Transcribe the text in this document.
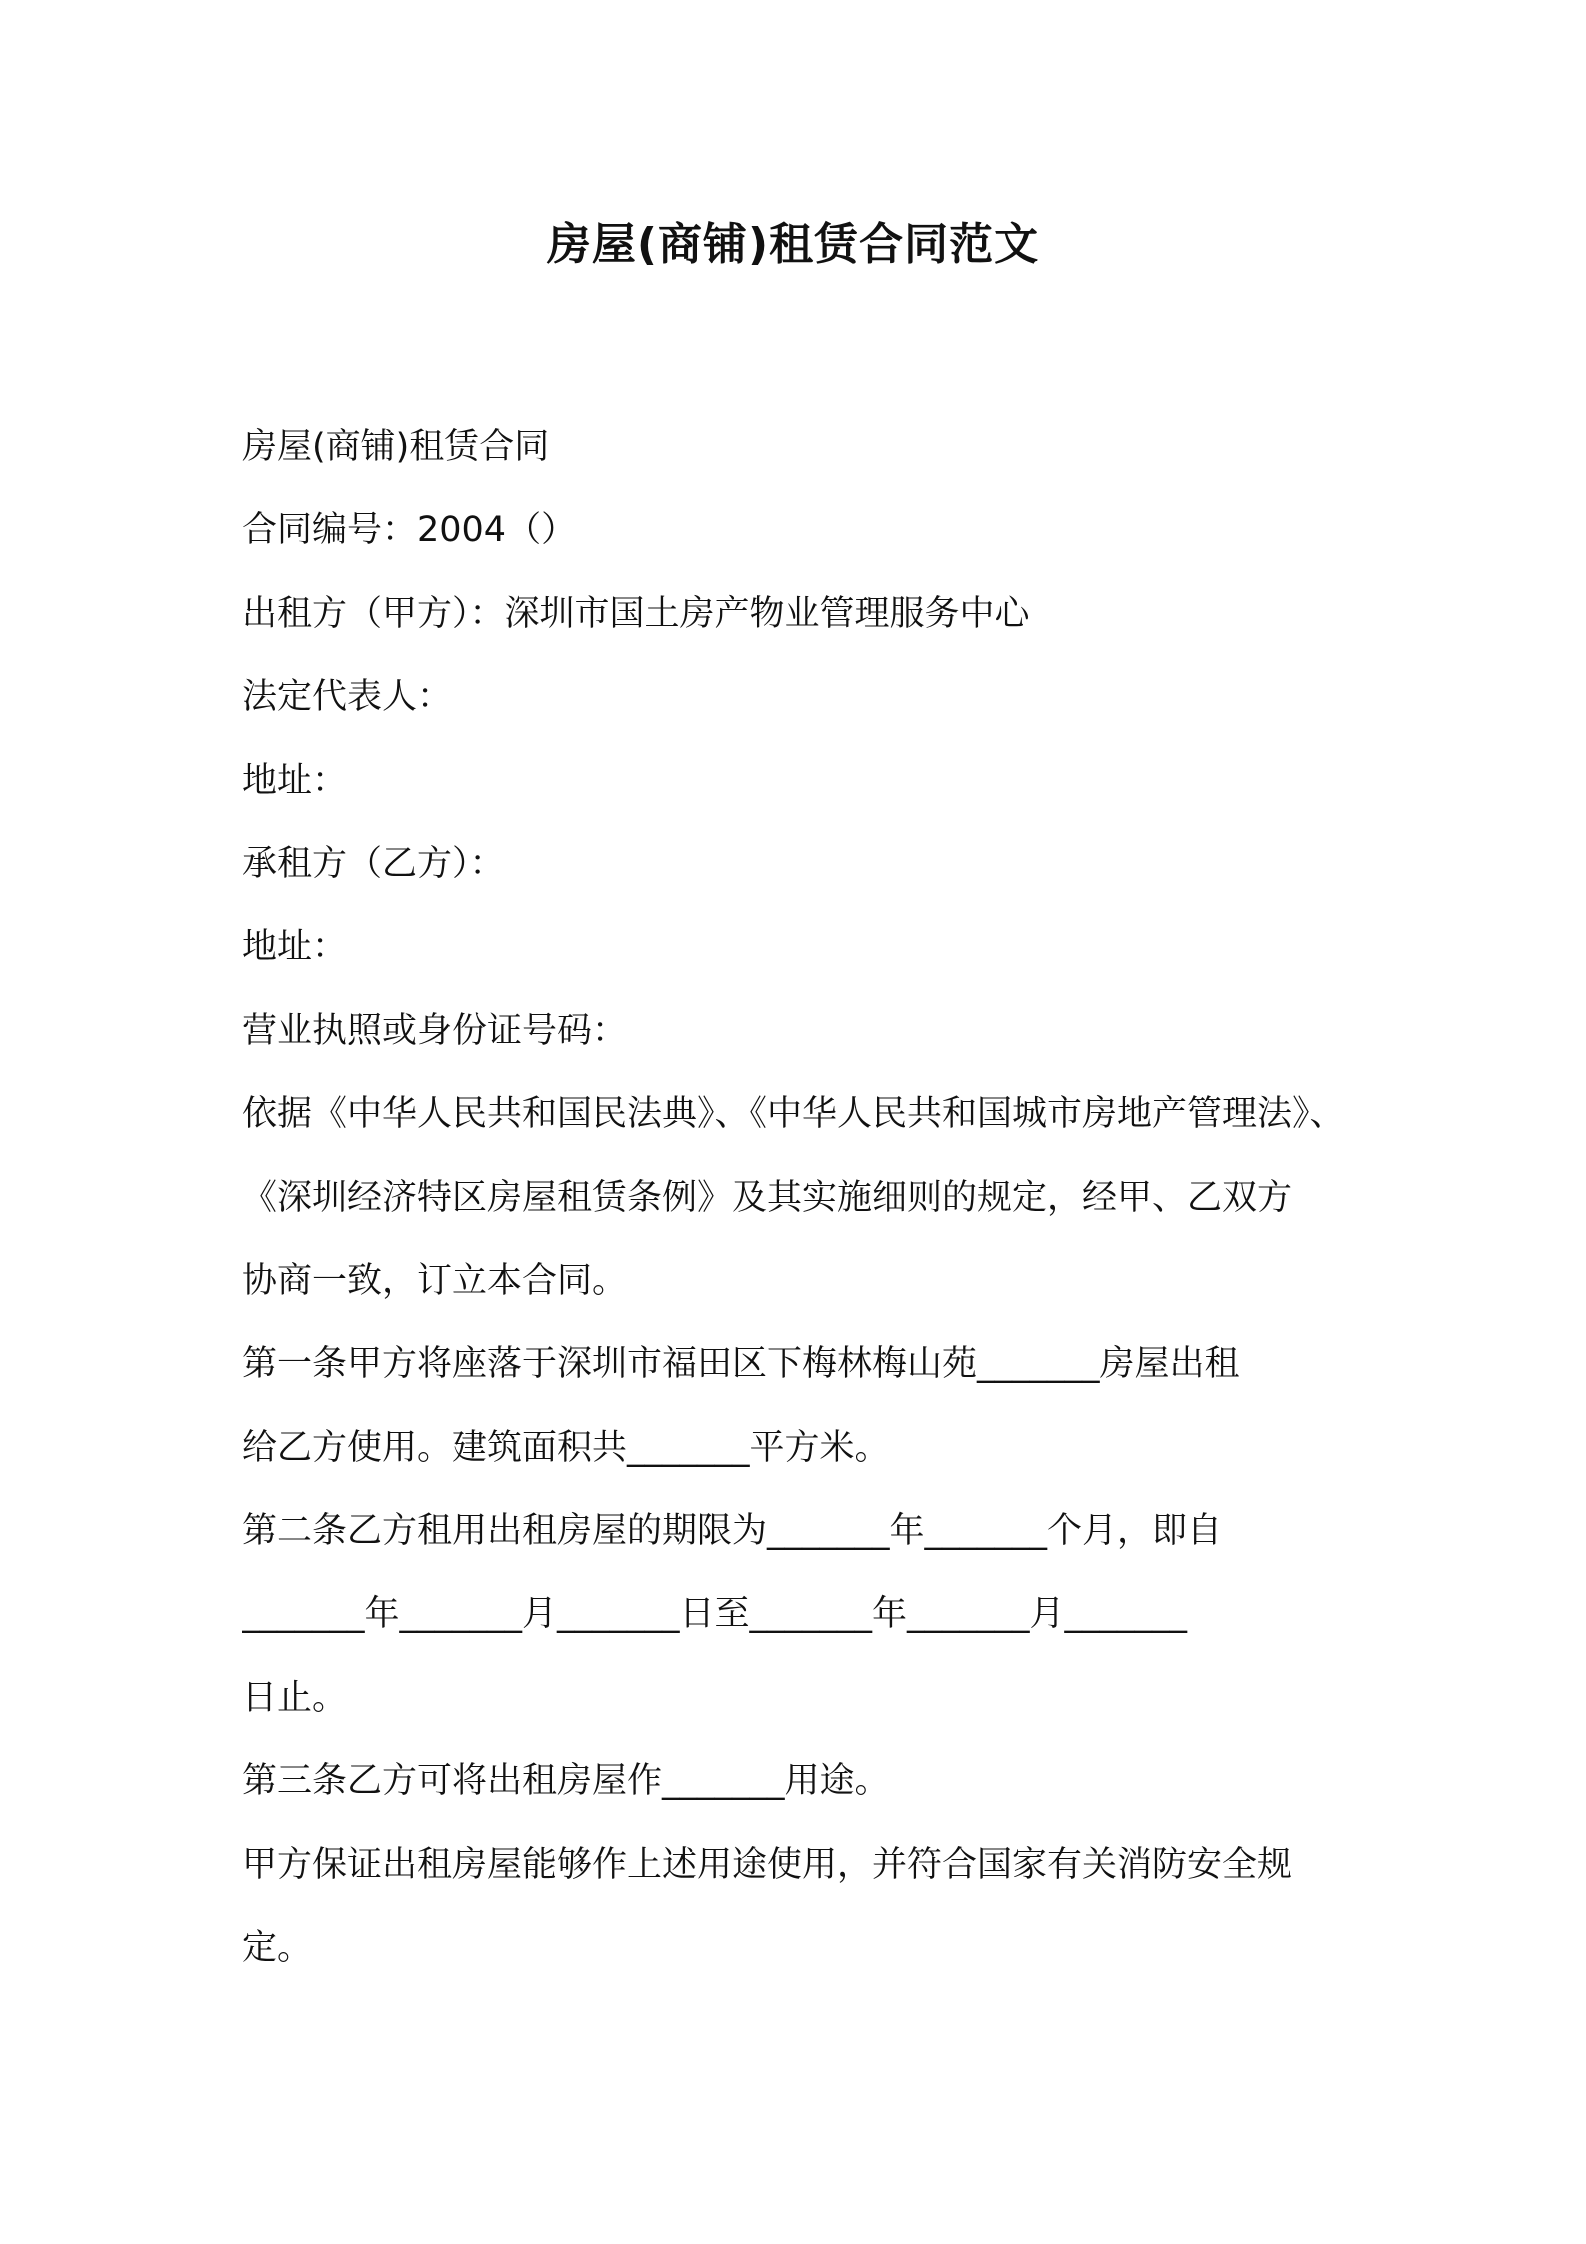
房屋(商铺)租赁合同范文
房屋(商铺)租赁合同
合同编号：2004（）
出租方（甲方）：深圳市国土房产物业管理服务中心
法定代表人：
地址：
承租方（乙方）：
地址：
营业执照或身份证号码：
依据《中华人民共和国民法典》、《中华人民共和国城市房地产管理法》、
《深圳经济特区房屋租赁条例》及其实施细则的规定，经甲、乙双方
协商一致，订立本合同。
第一条甲方将座落于深圳市福田区下梅林梅山苑_______房屋出租
给乙方使用。建筑面积共_______平方米。
第二条乙方租用出租房屋的期限为_______年_______个月，即自
_______年_______月_______日至_______年_______月_______
日止。
第三条乙方可将出租房屋作_______用途。
甲方保证出租房屋能够作上述用途使用，并符合国家有关消防安全规
定。
